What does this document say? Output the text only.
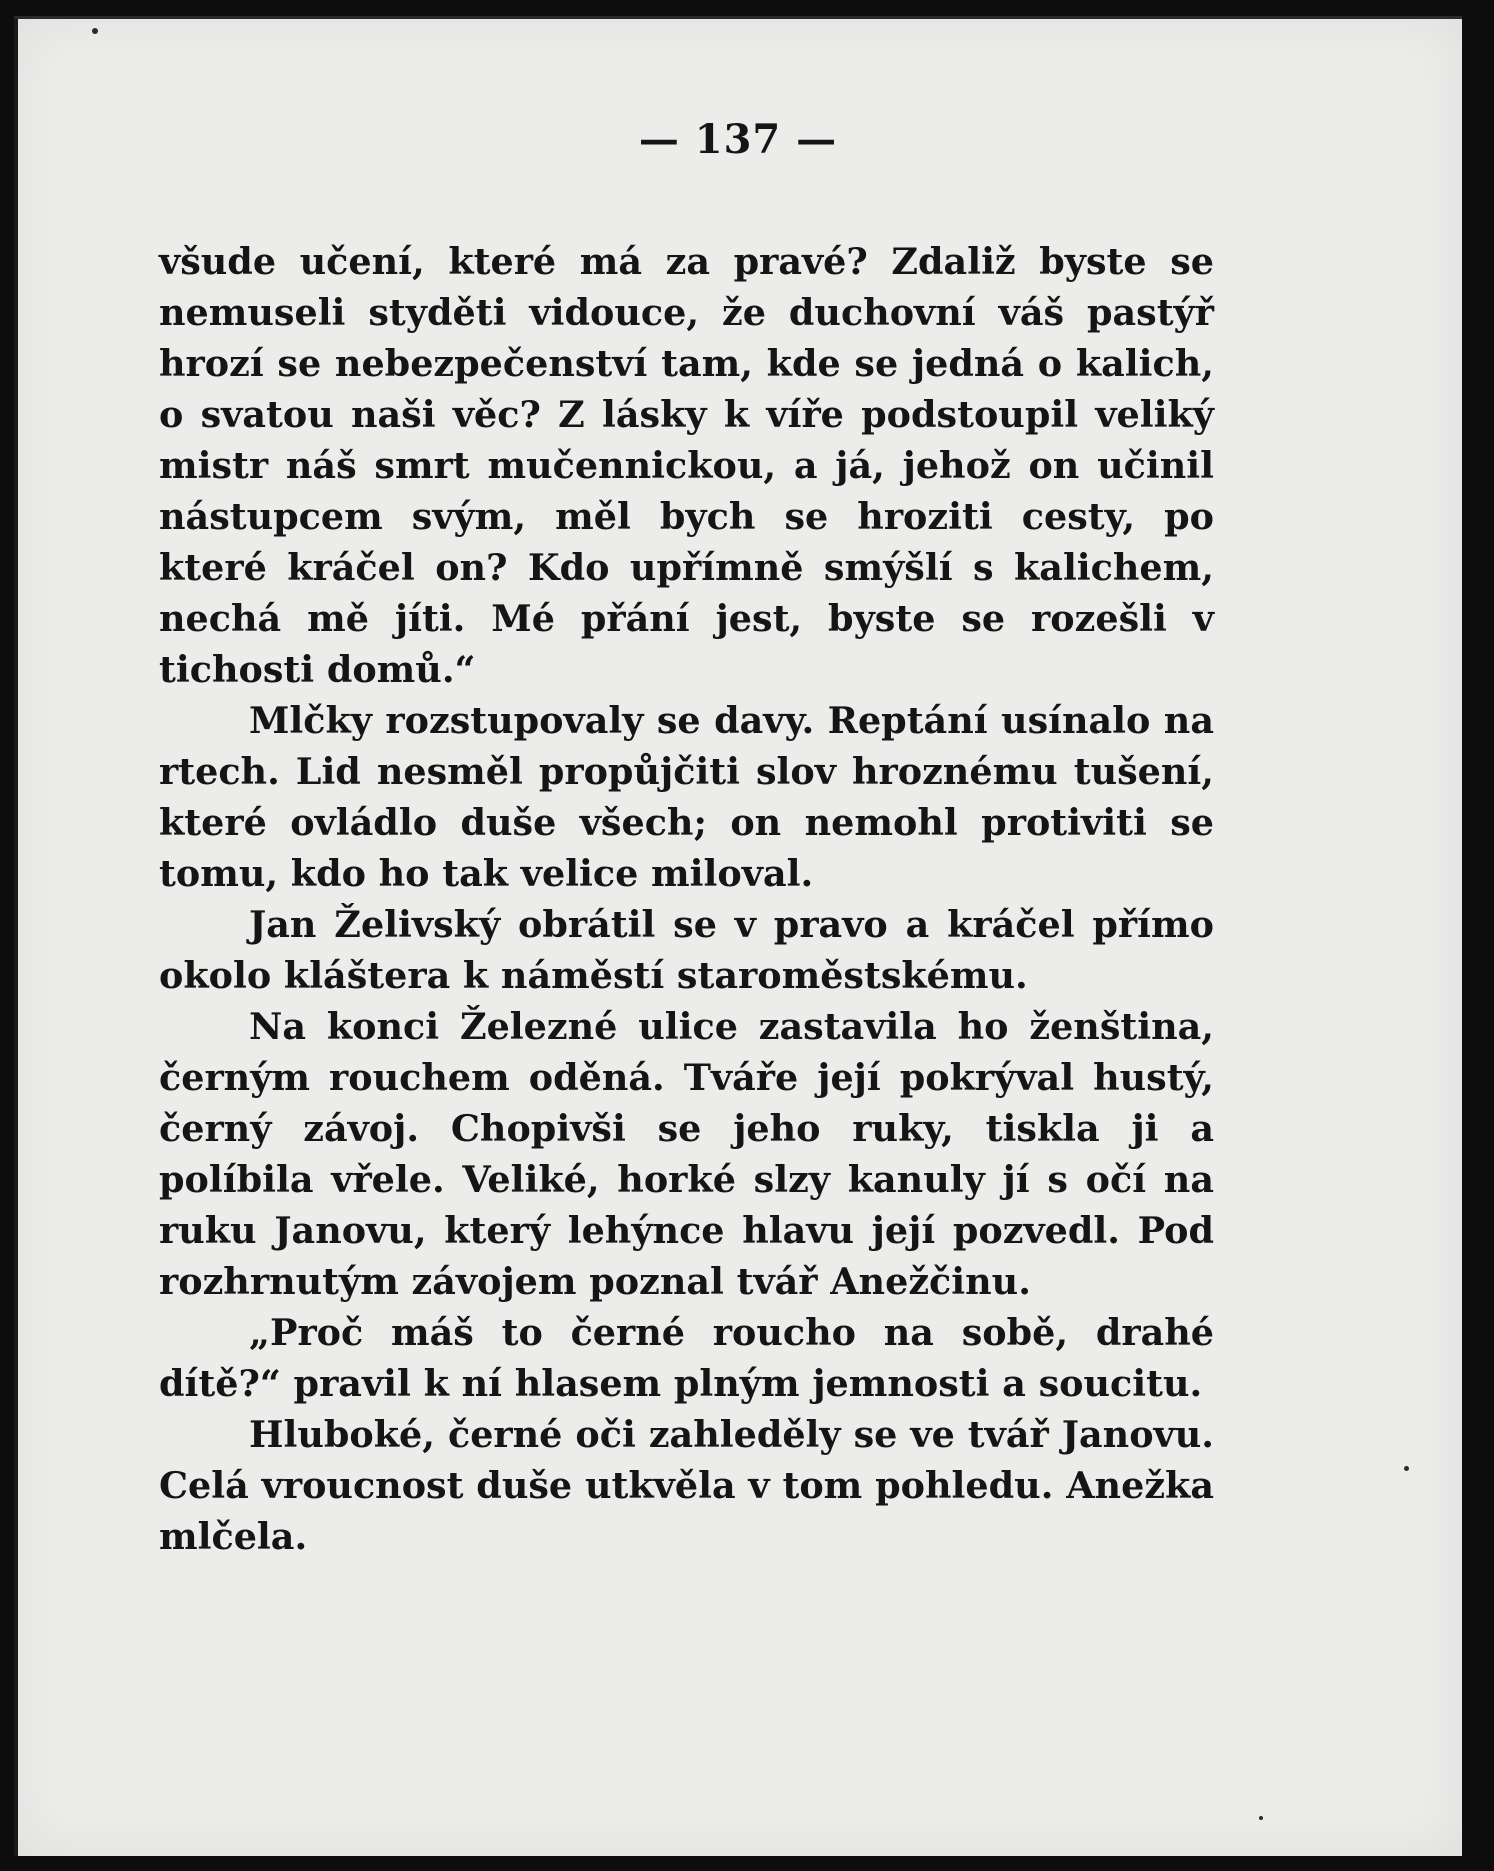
— 137 —

všude učení, které má za pravé? Zdaliž byste se nemuseli styděti vidouce, že duchovní váš pastýř hrozí se nebezpečenství tam, kde se jedná o kalich, o svatou naši věc? Z lásky k víře podstoupil veliký mistr náš smrt mučennickou, a já, jehož on učinil nástupcem svým, měl bych se hroziti cesty, po které kráčel on? Kdo upřímně smýšlí s kalichem, nechá mě jíti. Mé přání jest, byste se rozešli v tichosti domů.“

Mlčky rozstupovaly se davy. Reptání usínalo na rtech. Lid nesměl propůjčiti slov hroznému tušení, které ovládlo duše všech; on nemohl protiviti se tomu, kdo ho tak velice miloval.

Jan Želivský obrátil se v pravo a kráčel přímo okolo kláštera k náměstí staroměstskému.

Na konci Železné ulice zastavila ho ženština, černým rouchem oděná. Tváře její pokrýval hustý, černý závoj. Chopivši se jeho ruky, tiskla ji a políbila vřele. Veliké, horké slzy kanuly jí s očí na ruku Janovu, který lehýnce hlavu její pozvedl. Pod rozhrnutým závojem poznal tvář Anežčinu.

„Proč máš to černé roucho na sobě, drahé dítě?“ pravil k ní hlasem plným jemnosti a soucitu.

Hluboké, černé oči zahleděly se ve tvář Janovu. Celá vroucnost duše utkvěla v tom pohledu. Anežka mlčela.
